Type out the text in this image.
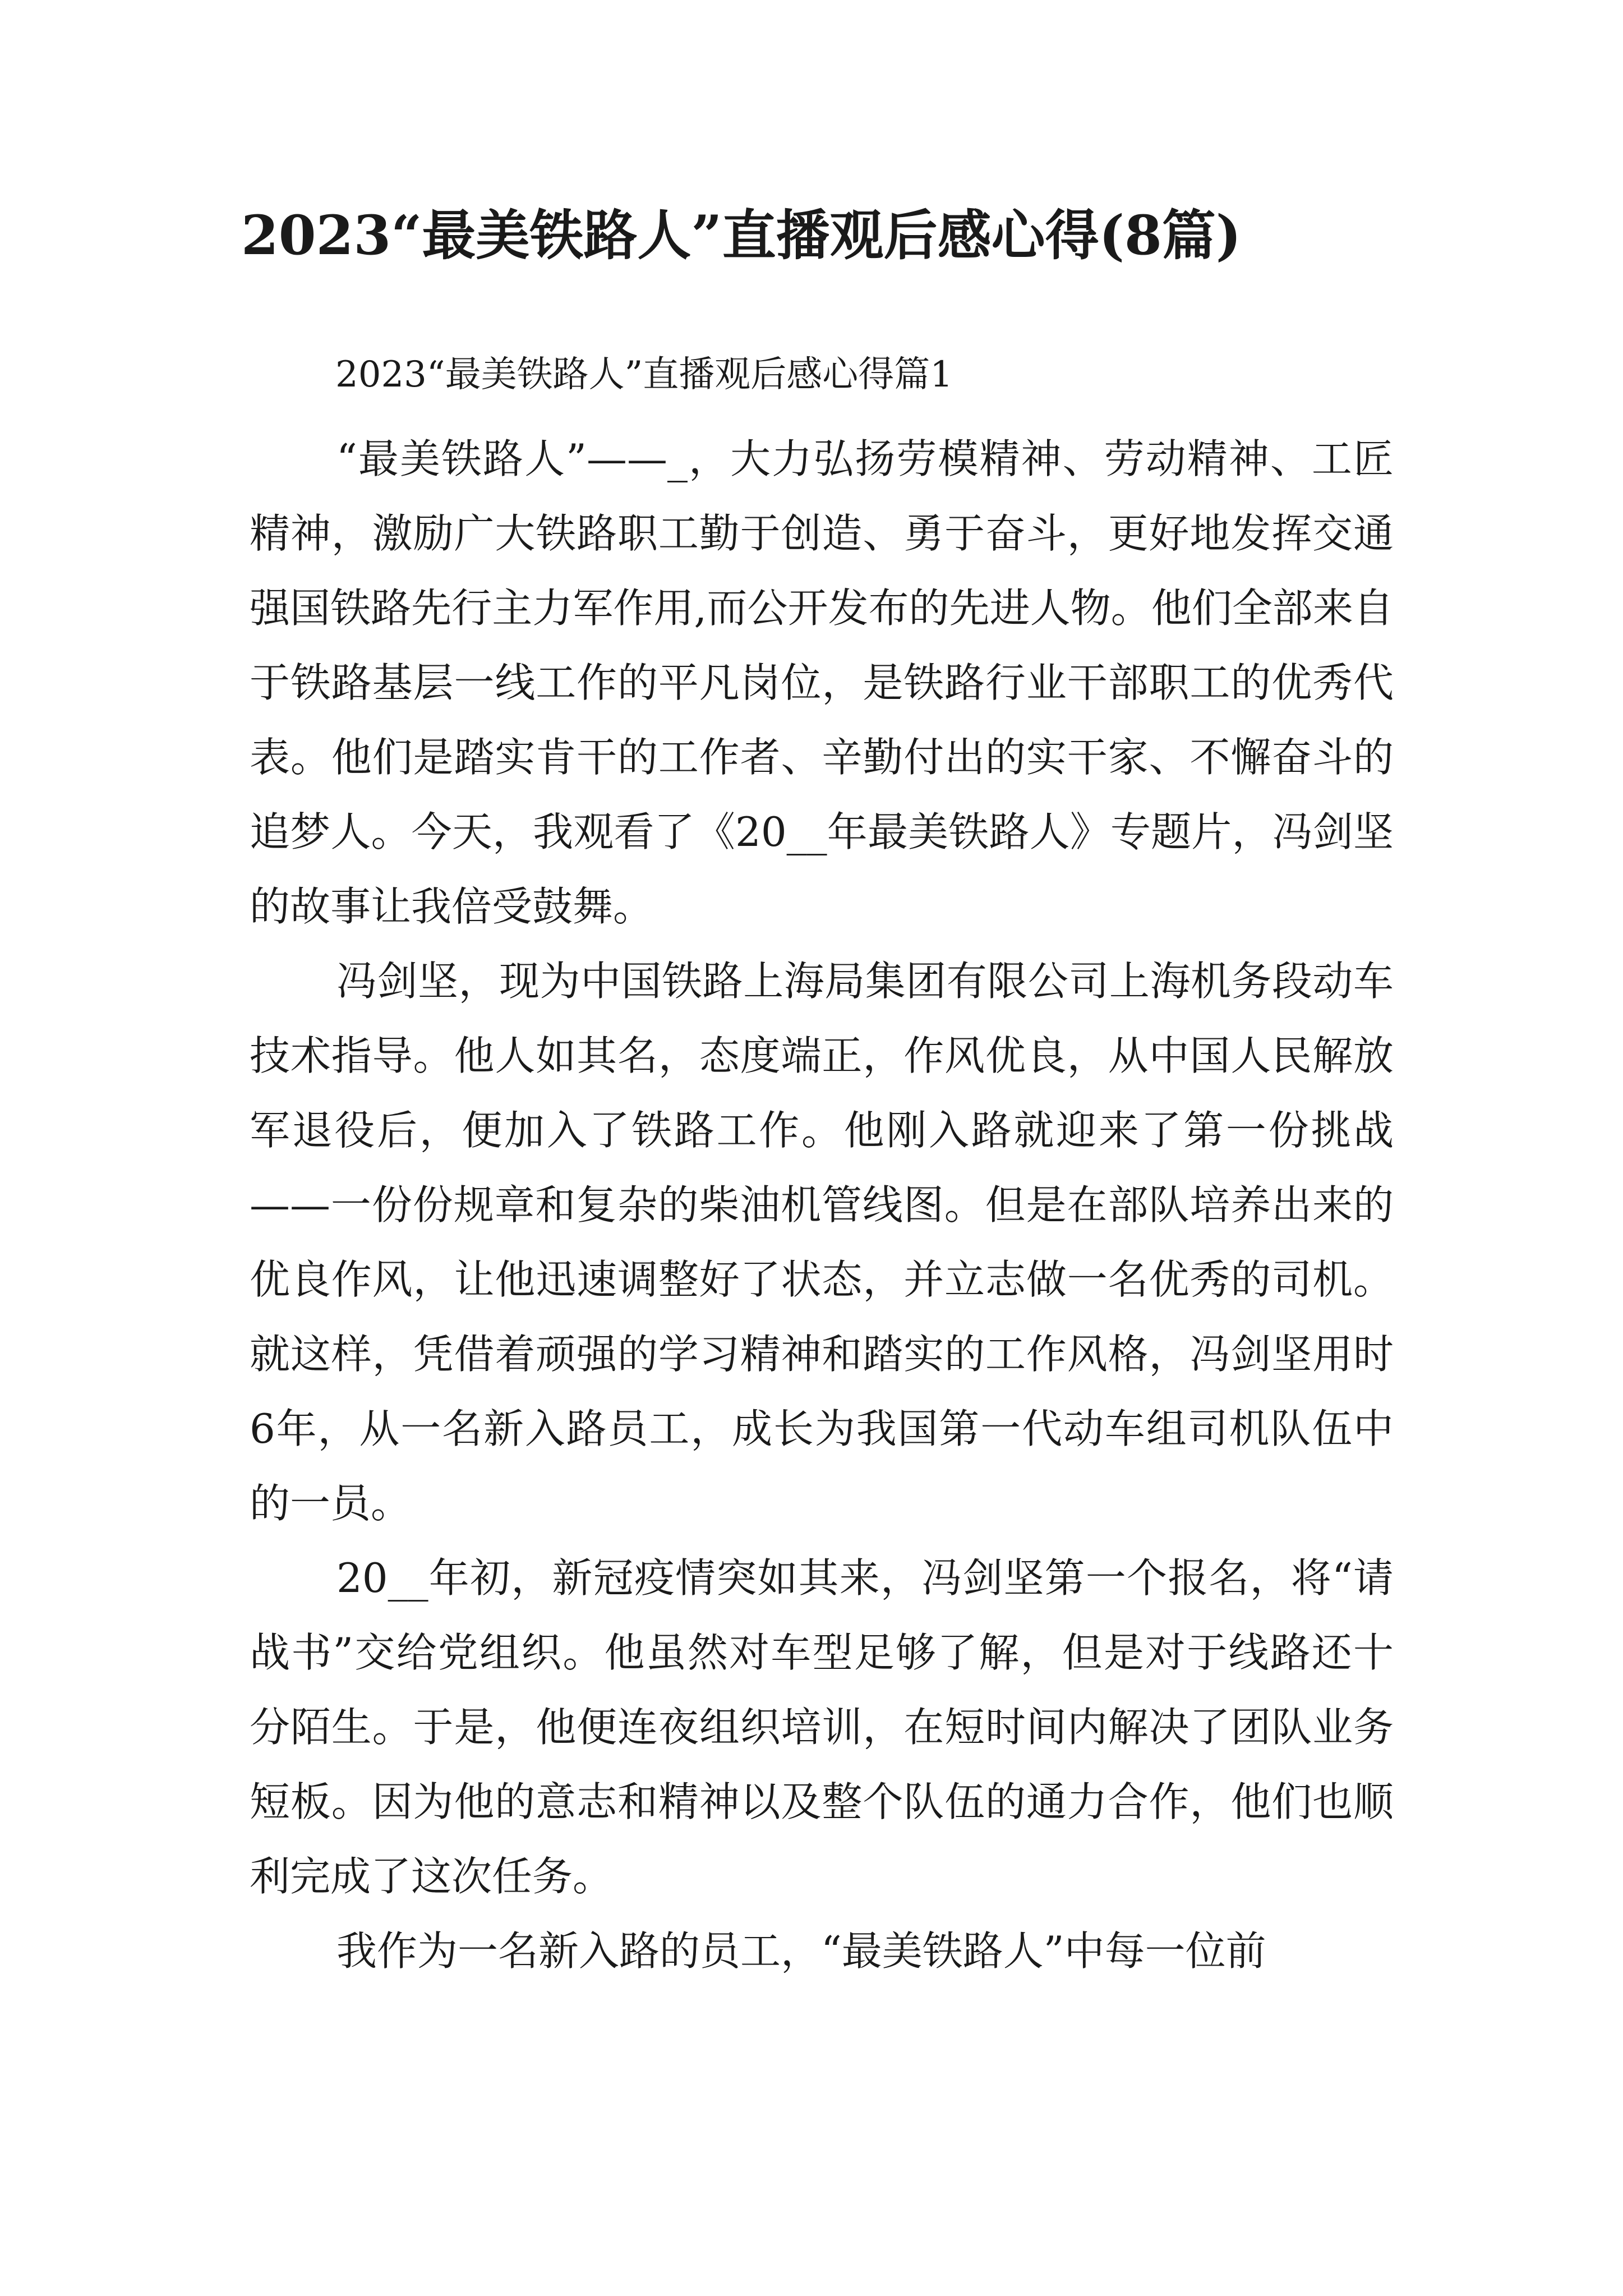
2023“最美铁路人”直播观后感心得(8篇)

2023“最美铁路人”直播观后感心得篇1

“最美铁路人”——_，大力弘扬劳模精神、劳动精神、工匠精神，激励广大铁路职工勤于创造、勇于奋斗，更好地发挥交通强国铁路先行主力军作用,而公开发布的先进人物。他们全部来自于铁路基层一线工作的平凡岗位，是铁路行业干部职工的优秀代表。他们是踏实肯干的工作者、辛勤付出的实干家、不懈奋斗的追梦人。今天，我观看了《20__年最美铁路人》专题片，冯剑坚的故事让我倍受鼓舞。

冯剑坚，现为中国铁路上海局集团有限公司上海机务段动车技术指导。他人如其名，态度端正，作风优良，从中国人民解放军退役后，便加入了铁路工作。他刚入路就迎来了第一份挑战——一份份规章和复杂的柴油机管线图。但是在部队培养出来的优良作风，让他迅速调整好了状态，并立志做一名优秀的司机。就这样，凭借着顽强的学习精神和踏实的工作风格，冯剑坚用时6年，从一名新入路员工，成长为我国第一代动车组司机队伍中的一员。

20__年初，新冠疫情突如其来，冯剑坚第一个报名，将“请战书”交给党组织。他虽然对车型足够了解，但是对于线路还十分陌生。于是，他便连夜组织培训，在短时间内解决了团队业务短板。因为他的意志和精神以及整个队伍的通力合作，他们也顺利完成了这次任务。

我作为一名新入路的员工，“最美铁路人”中每一位前
